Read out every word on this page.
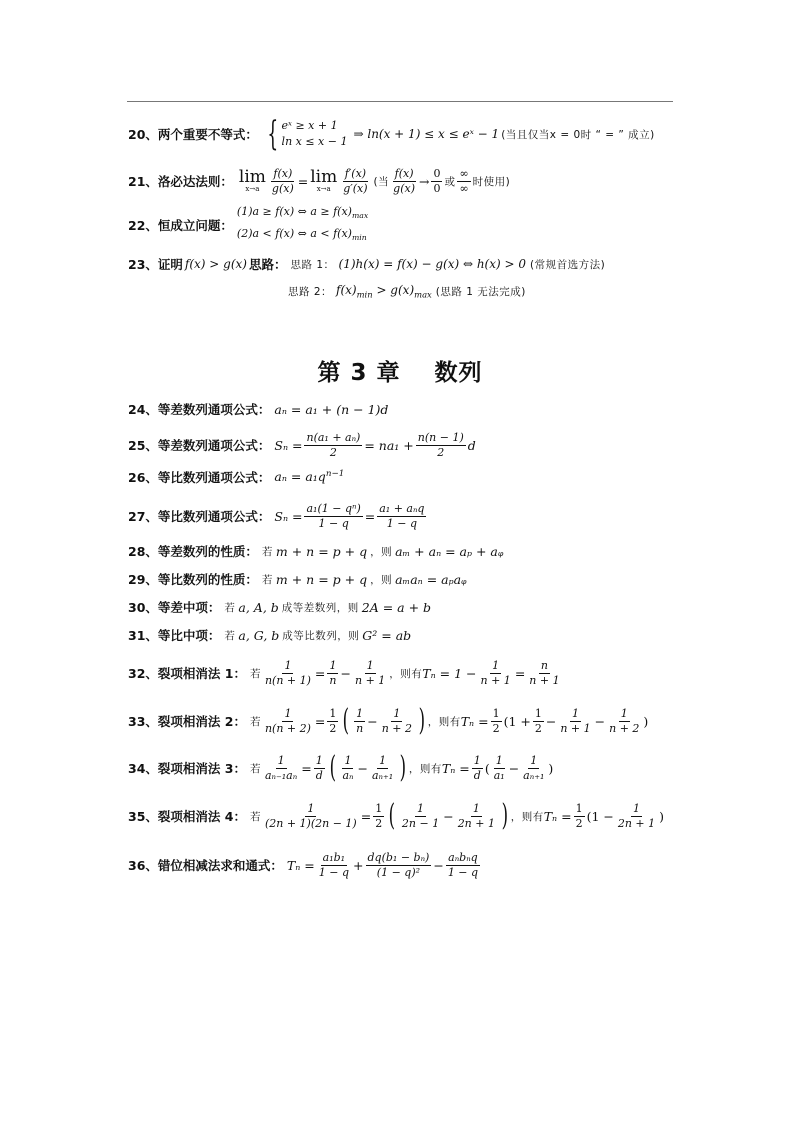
20、两个重要不等式： { eˣ ≥ x + 1
ln x ≤ x − 1
⇒ ln(x + 1) ≤ x ≤ eˣ − 1 (当且仅当x = 0时 “ = ” 成立)
21、洛必达法则： lim
$x\to a \frac{f(x)}{g(x)} = \lim$
$x\to a \frac{f'(x)}{g'(x)}$ (当 $\frac{f(x)}{g(x)} \to \frac{0}{0}$ 或 $\frac{\infty}{\infty}$ 时使用)
22、恒成立问题：
(1)a ≥ f(x) ⇔ $a \ge f(x)_{max}$
(2)a < f(x) ⇔ $a < f(x)_{min}$
23、证明 f(x) > g(x) 思路： 思路 1： (1)h(x) = f(x) − g(x) ⇔ h(x) > 0 (常规首选方法)
思路 2： $f(x)_{min} > g(x)_{max}$ (思路 1 无法完成)
第 3 章 数列
24、等差数列通项公式： aₙ = a₁ + (n − 1)d
25、等差数列通项公式： $S_n = \frac{\text{n(a₁ + aₙ)}}{2} = na_1 + \frac{n(n - 1)}{2}$ d
26、等比数列通项公式： $a_n = a_1q^{n-1}$
27、等比数列通项公式： $S_n = \frac{\text{a₁(1 − qⁿ)}}{1 - q} = \frac{\text{a₁ + aₙq}}{1 - q}$
28、等差数列的性质： 若 m + n = p + q ，则 aₘ + aₙ = aₚ + aᵩ
29、等比数列的性质： 若 m + n = p + q ，则 aₘaₙ = aₚaᵩ
30、等差中项： 若 a, A, b 成等差数列，则 2A = a + b
31、等比中项： 若 a, G, b 成等比数列，则 G² = ab
32、裂项相消法 1： 若 $\frac{1}{n(n + 1)} = \frac{1}{n} - \frac{1}{n + 1}$ ，则有 $T_n = 1 - \frac{1}{n + 1} = \frac{n}{n + 1}$
33、裂项相消法 2： 若 $\frac{1}{n(n + 2)} = \frac{1}{2}$ ( $\frac{1}{n} - \frac{1}{n + 2}$ ) ，则有 $T_n = \frac{1}{2} (1 + \frac{1}{2} - \frac{1}{n + 1} - \frac{1}{n + 2}$ )
34、裂项相消法 3： 若 $\frac{1}{\text{aₙ₋₁aₙ}} = \frac{1}{d}$ ( $\frac{1}{\text{aₙ}} - \frac{1}{\text{aₙ₊₁}}$ ) ，则有 $T_n = \frac{1}{d}$ ( $\frac{1}{\text{a₁}} - \frac{1}{\text{aₙ₊₁}}$ )
35、裂项相消法 4： 若 $\frac{1}{(2n + 1)(2n - 1)} = \frac{1}{2}$ ( $\frac{1}{2n - 1} - \frac{1}{2n + 1}$ ) ，则有 $T_n = \frac{1}{2} (1 - \frac{1}{2n + 1}$ )
36、错位相减法求和通式： $T_n = \frac{\text{a₁b₁}}{1 - q} + \frac{\text{dq(b₁ − bₙ)}}{\text{(1 − q)²}} - \frac{\text{aₙbₙq}}{1 - q}$
